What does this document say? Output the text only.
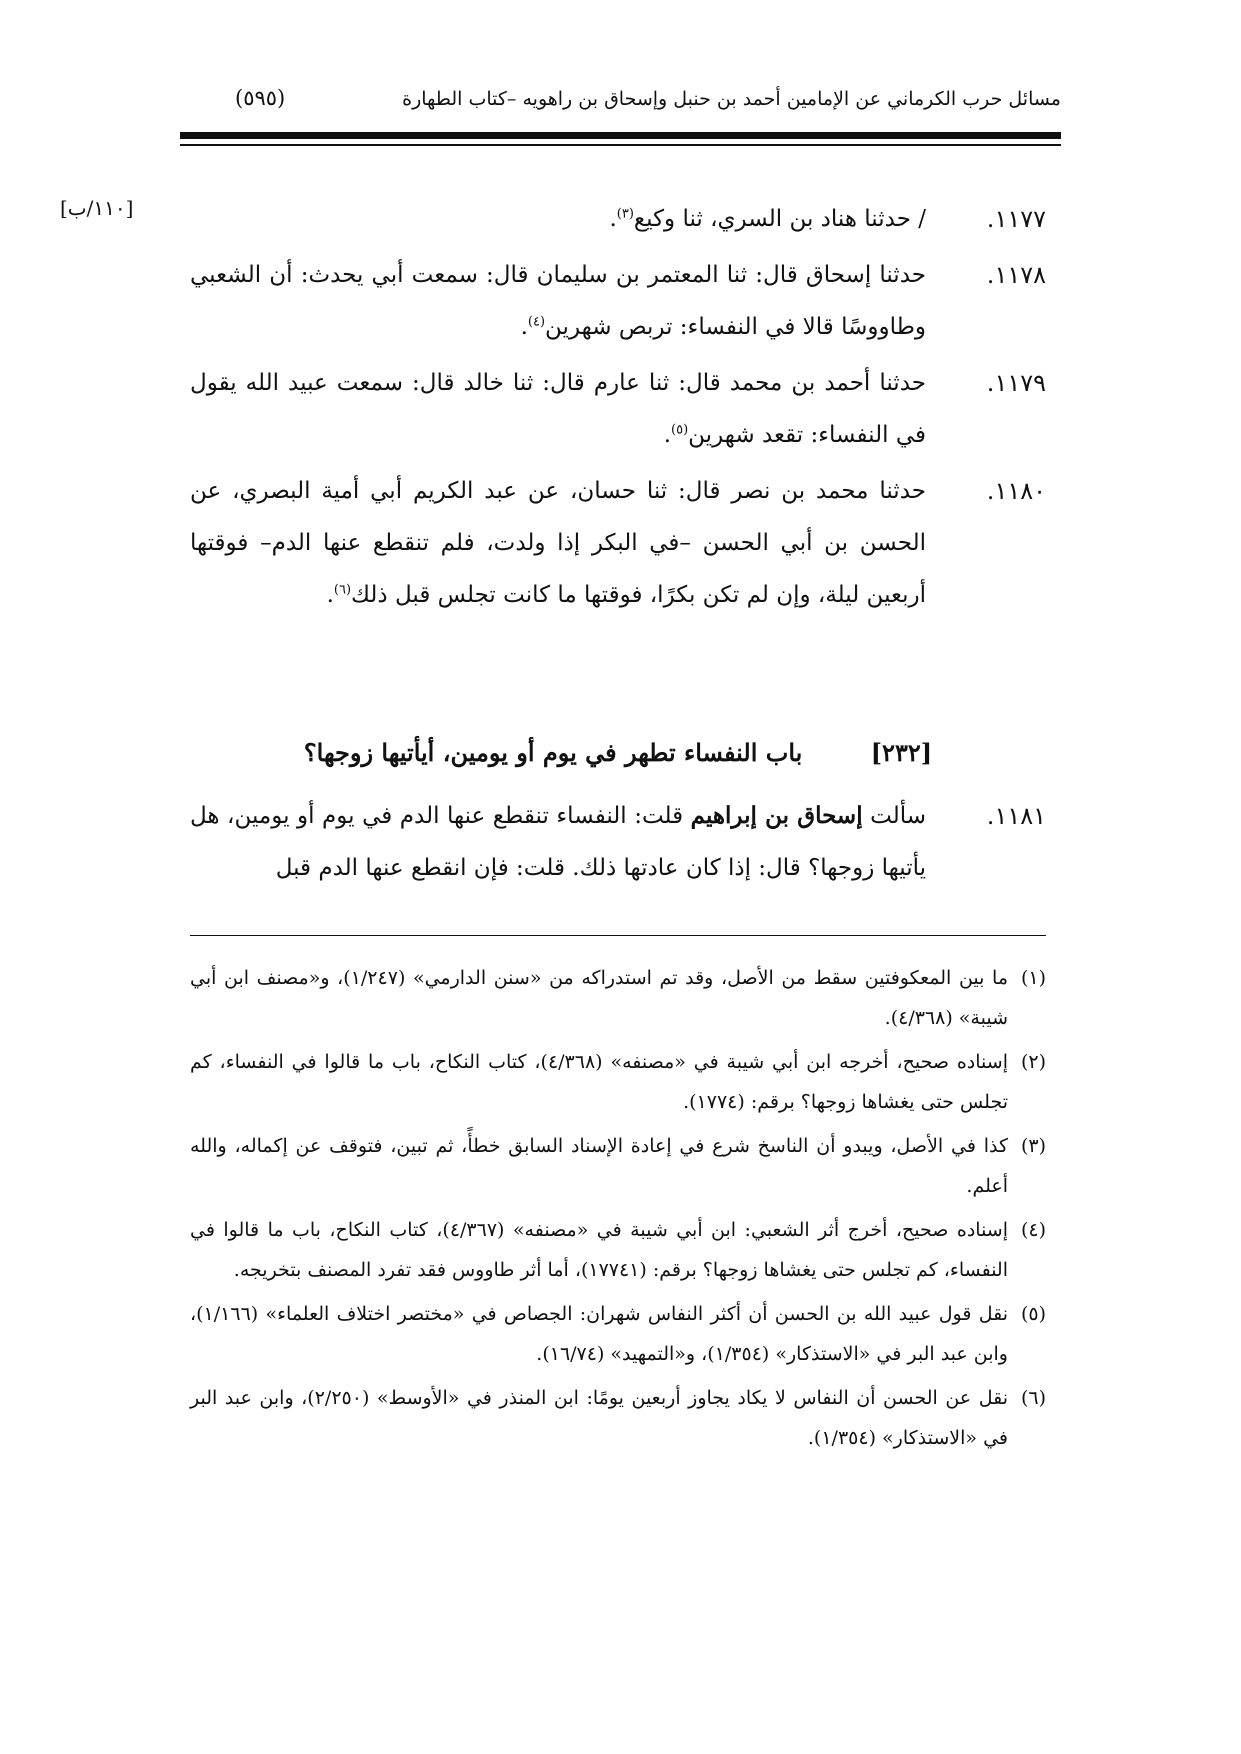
مسائل حرب الكرماني عن الإمامين أحمد بن حنبل وإسحاق بن راهويه –كتاب الطهارة
(٥٩٥)
[١١٠/ب]	١١٧٧.
/ حدثنا هناد بن السري، ثنا وكيع$^{(٣)}$.
١١٧٨.
حدثنا إسحاق قال: ثنا المعتمر بن سليمان قال: سمعت أبي يحدث: أن الشعبي وطاووسًا قالا في النفساء: تربص شهرين$^{(٤)}$.
١١٧٩.
حدثنا أحمد بن محمد قال: ثنا عارم قال: ثنا خالد قال: سمعت عبيد الله يقول في النفساء: تقعد شهرين$^{(٥)}$.
١١٨٠.
حدثنا محمد بن نصر قال: ثنا حسان، عن عبد الكريم أبي أمية البصري، عن الحسن بن أبي الحسن –في البكر إذا ولدت، فلم تنقطع عنها الدم– فوقتها أربعين ليلة، وإن لم تكن بكرًا، فوقتها ما كانت تجلس قبل ذلك$^{(٦)}$.
[٢٣٢] باب النفساء تطهر في يوم أو يومين، أيأتيها زوجها؟
١١٨١.
سألت إسحاق بن إبراهيم قلت: النفساء تنقطع عنها الدم في يوم أو يومين، هل يأتيها زوجها؟ قال: إذا كان عادتها ذلك. قلت: فإن انقطع عنها الدم قبل
(١)
ما بين المعكوفتين سقط من الأصل، وقد تم استدراكه من «سنن الدارمي» (١/٢٤٧)، و«مصنف ابن أبي شيبة» (٤/٣٦٨).
(٢)
إسناده صحيح، أخرجه ابن أبي شيبة في «مصنفه» (٤/٣٦٨)، كتاب النكاح، باب ما قالوا في النفساء، كم تجلس حتى يغشاها زوجها؟ برقم: (١٧٧٤).
(٣)
كذا في الأصل، ويبدو أن الناسخ شرع في إعادة الإسناد السابق خطأً، ثم تبين، فتوقف عن إكماله، والله أعلم.
(٤)
إسناده صحيح، أخرج أثر الشعبي: ابن أبي شيبة في «مصنفه» (٤/٣٦٧)، كتاب النكاح، باب ما قالوا في النفساء، كم تجلس حتى يغشاها زوجها؟ برقم: (١٧٧٤١)، أما أثر طاووس فقد تفرد المصنف بتخريجه.
(٥)
نقل قول عبيد الله بن الحسن أن أكثر النفاس شهران: الجصاص في «مختصر اختلاف العلماء» (١/١٦٦)، وابن عبد البر في «الاستذكار» (١/٣٥٤)، و«التمهيد» (١٦/٧٤).
(٦)
نقل عن الحسن أن النفاس لا يكاد يجاوز أربعين يومًا: ابن المنذر في «الأوسط» (٢/٢٥٠)، وابن عبد البر في «الاستذكار» (١/٣٥٤).
